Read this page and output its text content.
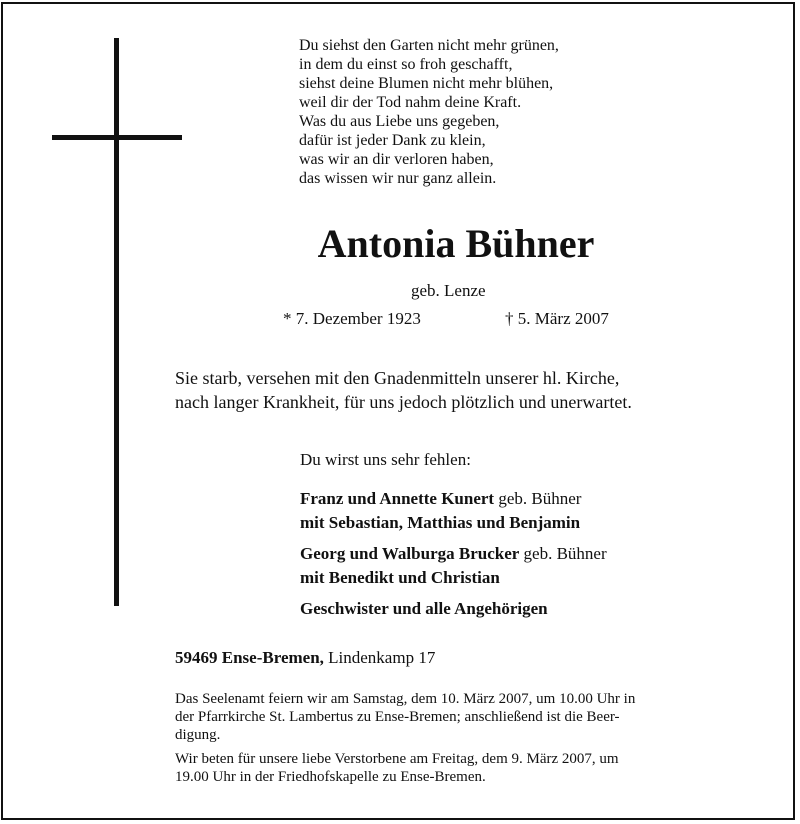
Du siehst den Garten nicht mehr grünen,
in dem du einst so froh geschafft,
siehst deine Blumen nicht mehr blühen,
weil dir der Tod nahm deine Kraft.
Was du aus Liebe uns gegeben,
dafür ist jeder Dank zu klein,
was wir an dir verloren haben,
das wissen wir nur ganz allein.
Antonia Bühner
geb. Lenze
* 7. Dezember 1923	† 5. März 2007
Sie starb, versehen mit den Gnadenmitteln unserer hl. Kirche,
nach langer Krankheit, für uns jedoch plötzlich und unerwartet.
Du wirst uns sehr fehlen:
Franz und Annette Kunert geb. Bühner
mit Sebastian, Matthias und Benjamin
Georg und Walburga Brucker geb. Bühner
mit Benedikt und Christian
Geschwister und alle Angehörigen
59469 Ense-Bremen, Lindenkamp 17
Das Seelenamt feiern wir am Samstag, dem 10. März 2007, um 10.00 Uhr in
der Pfarrkirche St. Lambertus zu Ense-Bremen; anschließend ist die Beer-
digung.
Wir beten für unsere liebe Verstorbene am Freitag, dem 9. März 2007, um
19.00 Uhr in der Friedhofskapelle zu Ense-Bremen.
